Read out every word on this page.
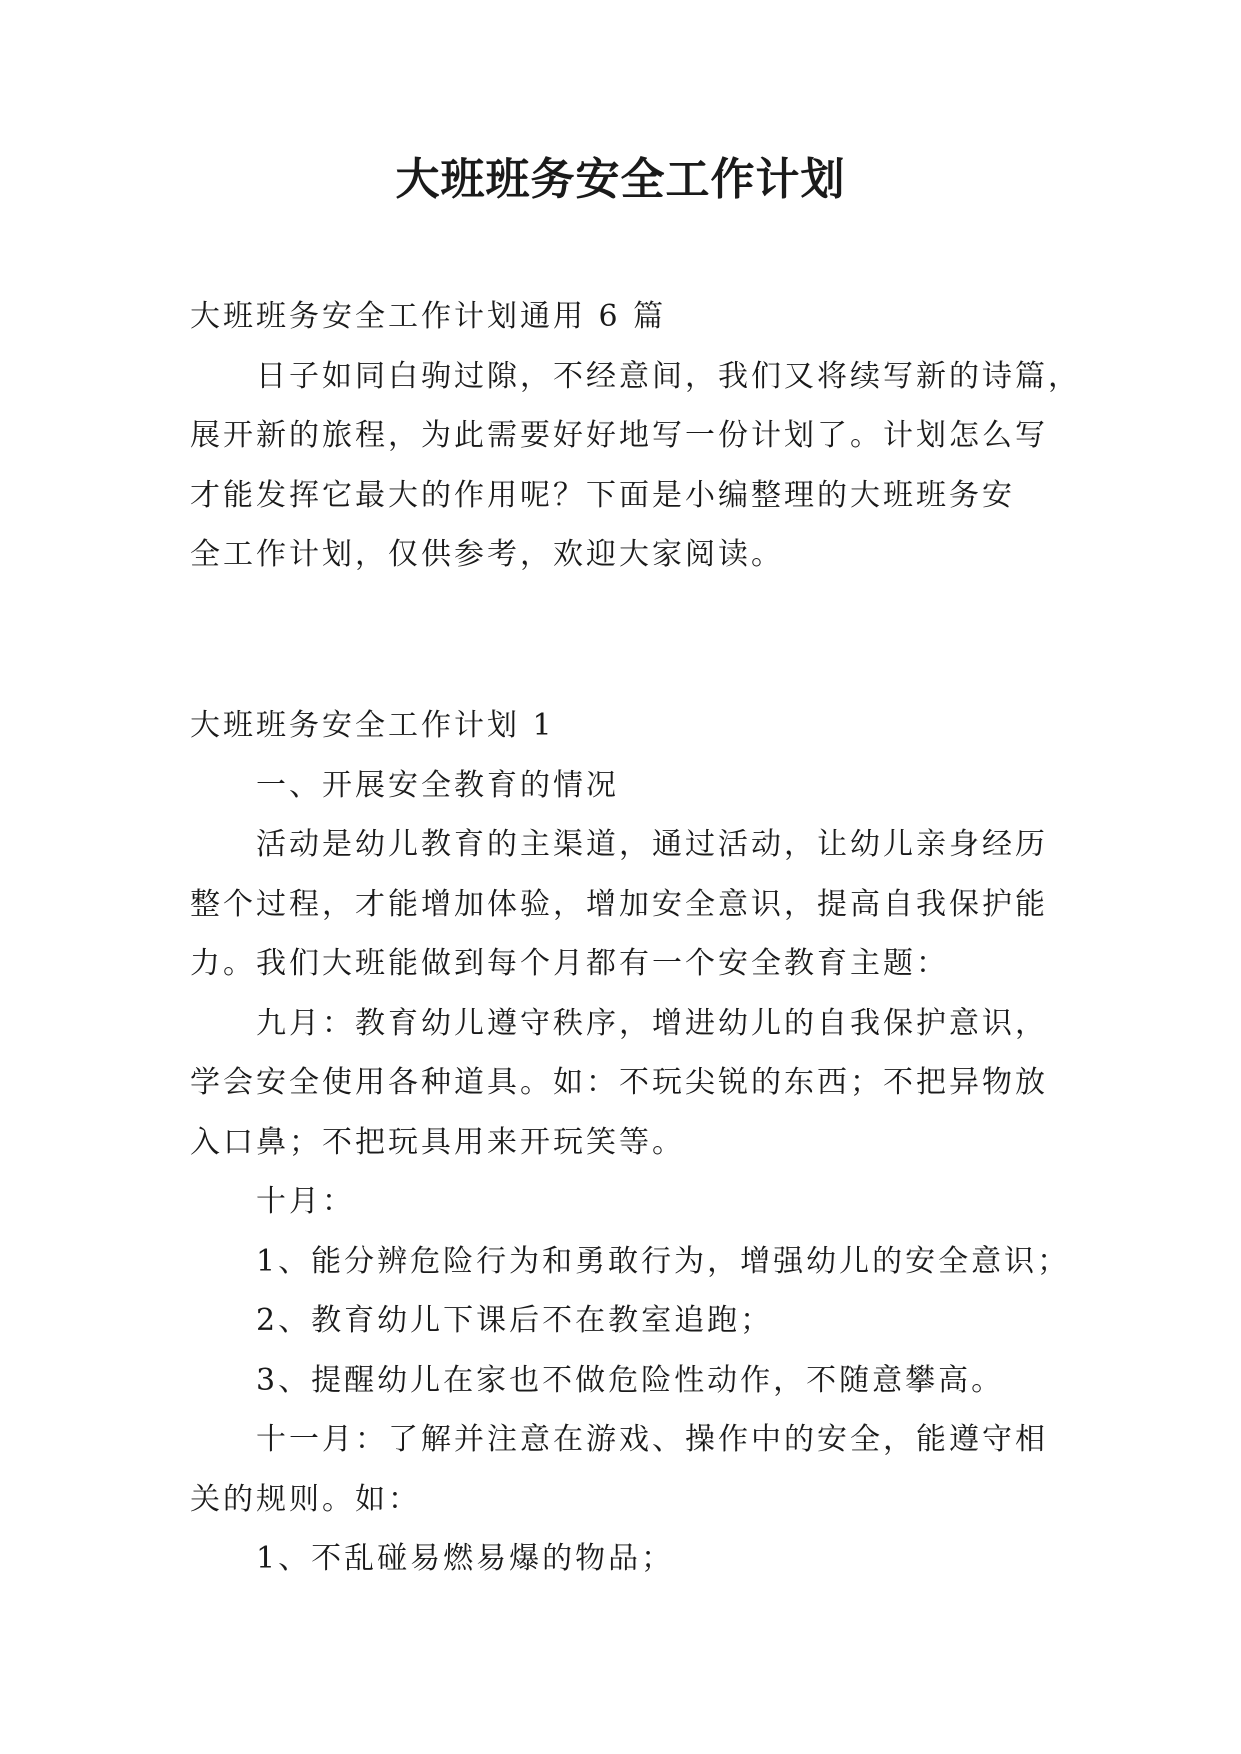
大班班务安全工作计划

大班班务安全工作计划通用 6 篇

日子如同白驹过隙，不经意间，我们又将续写新的诗篇，

展开新的旅程，为此需要好好地写一份计划了。计划怎么写

才能发挥它最大的作用呢？下面是小编整理的大班班务安

全工作计划，仅供参考，欢迎大家阅读。

大班班务安全工作计划 1

一、开展安全教育的情况

活动是幼儿教育的主渠道，通过活动，让幼儿亲身经历

整个过程，才能增加体验，增加安全意识，提高自我保护能

力。我们大班能做到每个月都有一个安全教育主题：

九月：教育幼儿遵守秩序，增进幼儿的自我保护意识，

学会安全使用各种道具。如：不玩尖锐的东西；不把异物放

入口鼻；不把玩具用来开玩笑等。

十月：

1、能分辨危险行为和勇敢行为，增强幼儿的安全意识；

2、教育幼儿下课后不在教室追跑；

3、提醒幼儿在家也不做危险性动作，不随意攀高。

十一月：了解并注意在游戏、操作中的安全，能遵守相

关的规则。如：

1、不乱碰易燃易爆的物品；
